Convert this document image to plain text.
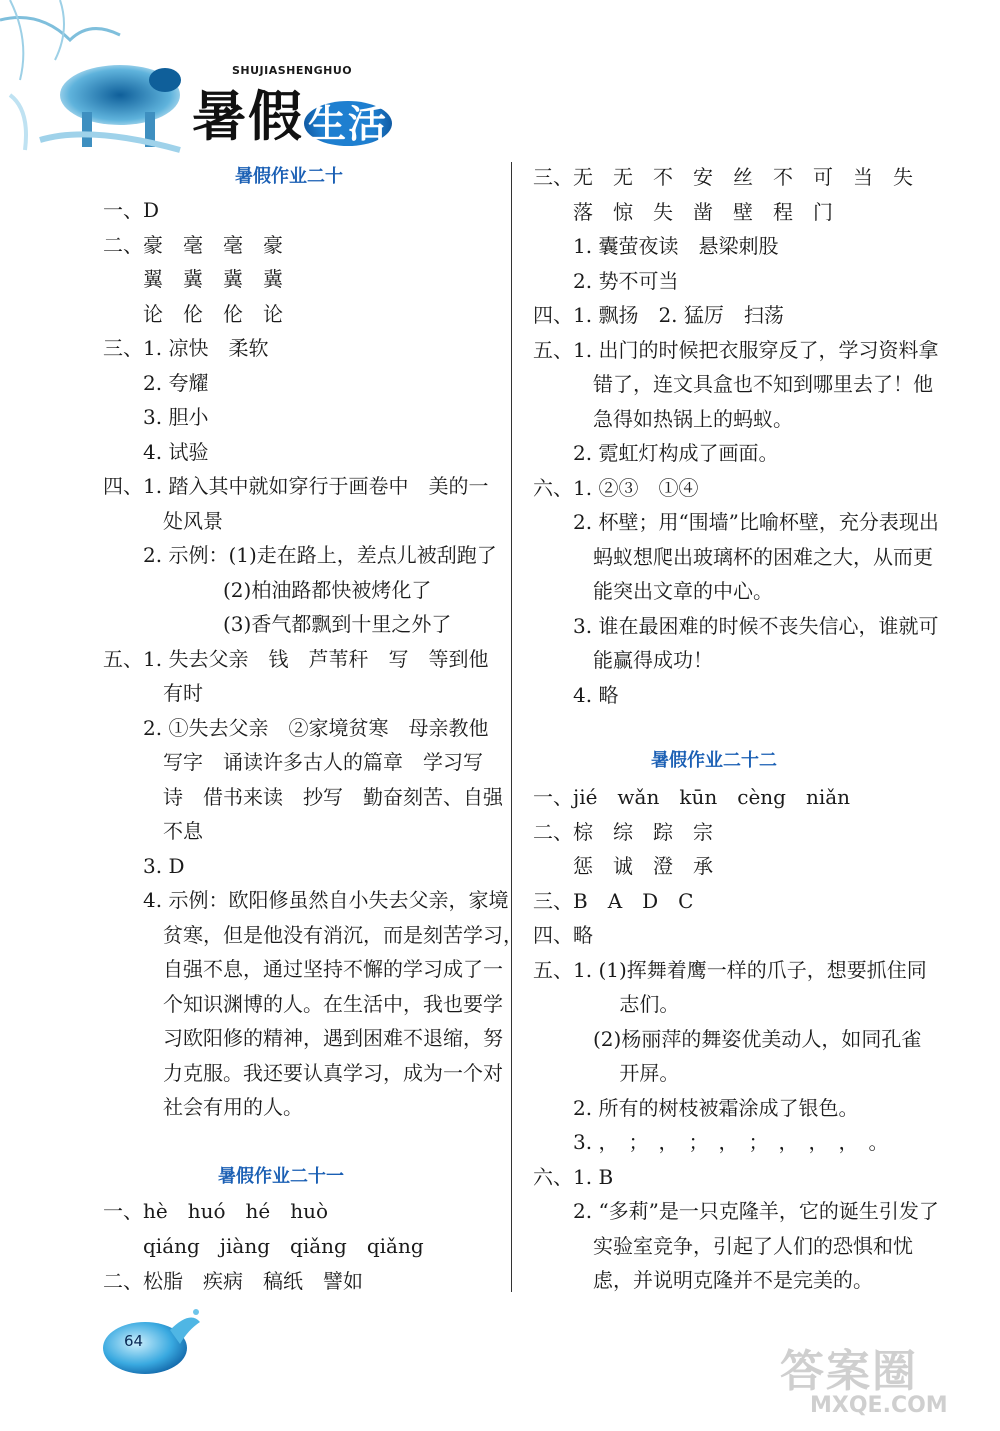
SHUJIASHENGHUO
暑假 生活
暑假作业二十
一、D
二、豪　毫　毫　豪
　　翼　冀　冀　冀
　　论　伦　伦　论
三、1. 凉快　柔软
　　2. 夸耀
　　3. 胆小
　　4. 试验
四、1. 踏入其中就如穿行于画卷中　美的一
　　　处风景
　　2. 示例：(1)走在路上，差点儿被刮跑了
　　　　　　(2)柏油路都快被烤化了
　　　　　　(3)香气都飘到十里之外了
五、1. 失去父亲　钱　芦苇秆　写　等到他
　　　有时
　　2. ①失去父亲　②家境贫寒　母亲教他
　　　写字　诵读许多古人的篇章　学习写
　　　诗　借书来读　抄写　勤奋刻苦、自强
　　　不息
　　3. D
　　4. 示例：欧阳修虽然自小失去父亲，家境
　　　贫寒，但是他没有消沉，而是刻苦学习，
　　　自强不息，通过坚持不懈的学习成了一
　　　个知识渊博的人。在生活中，我也要学
　　　习欧阳修的精神，遇到困难不退缩，努
　　　力克服。我还要认真学习，成为一个对
　　　社会有用的人。
暑假作业二十一
一、hè　huó　hé　huò
　　qiáng　jiàng　qiǎng　qiǎng
二、松脂　疾病　稿纸　譬如
三、无　无　不　安　丝　不　可　当　失
　　落　惊　失　凿　壁　程　门
　　1. 囊萤夜读　悬梁刺股
　　2. 势不可当
四、1. 飘扬　2. 猛厉　扫荡
五、1. 出门的时候把衣服穿反了，学习资料拿
　　　错了，连文具盒也不知到哪里去了！他
　　　急得如热锅上的蚂蚁。
　　2. 霓虹灯构成了画面。
六、1. ②③　①④
　　2. 杯壁；用“围墙”比喻杯壁，充分表现出
　　　蚂蚁想爬出玻璃杯的困难之大，从而更
　　　能突出文章的中心。
　　3. 谁在最困难的时候不丧失信心，谁就可
　　　能赢得成功！
　　4. 略
暑假作业二十二
一、jié　wǎn　kūn　cèng　niǎn
二、棕　综　踪　宗
　　惩　诚　澄　承
三、B　A　D　C
四、略
五、1. (1)挥舞着鹰一样的爪子，想要抓住同
　　　　 志们。
　　　(2)杨丽萍的舞姿优美动人，如同孔雀
　　　　 开屏。
　　2. 所有的树枝被霜涂成了银色。
　　3. ，　；　，　；　，　；　，　，　，　。
六、1. B
　　2. “多莉”是一只克隆羊，它的诞生引发了
　　　实验室竞争，引起了人们的恐惧和忧
　　　虑，并说明克隆并不是完美的。
64
答案圈
MXQE.COM
